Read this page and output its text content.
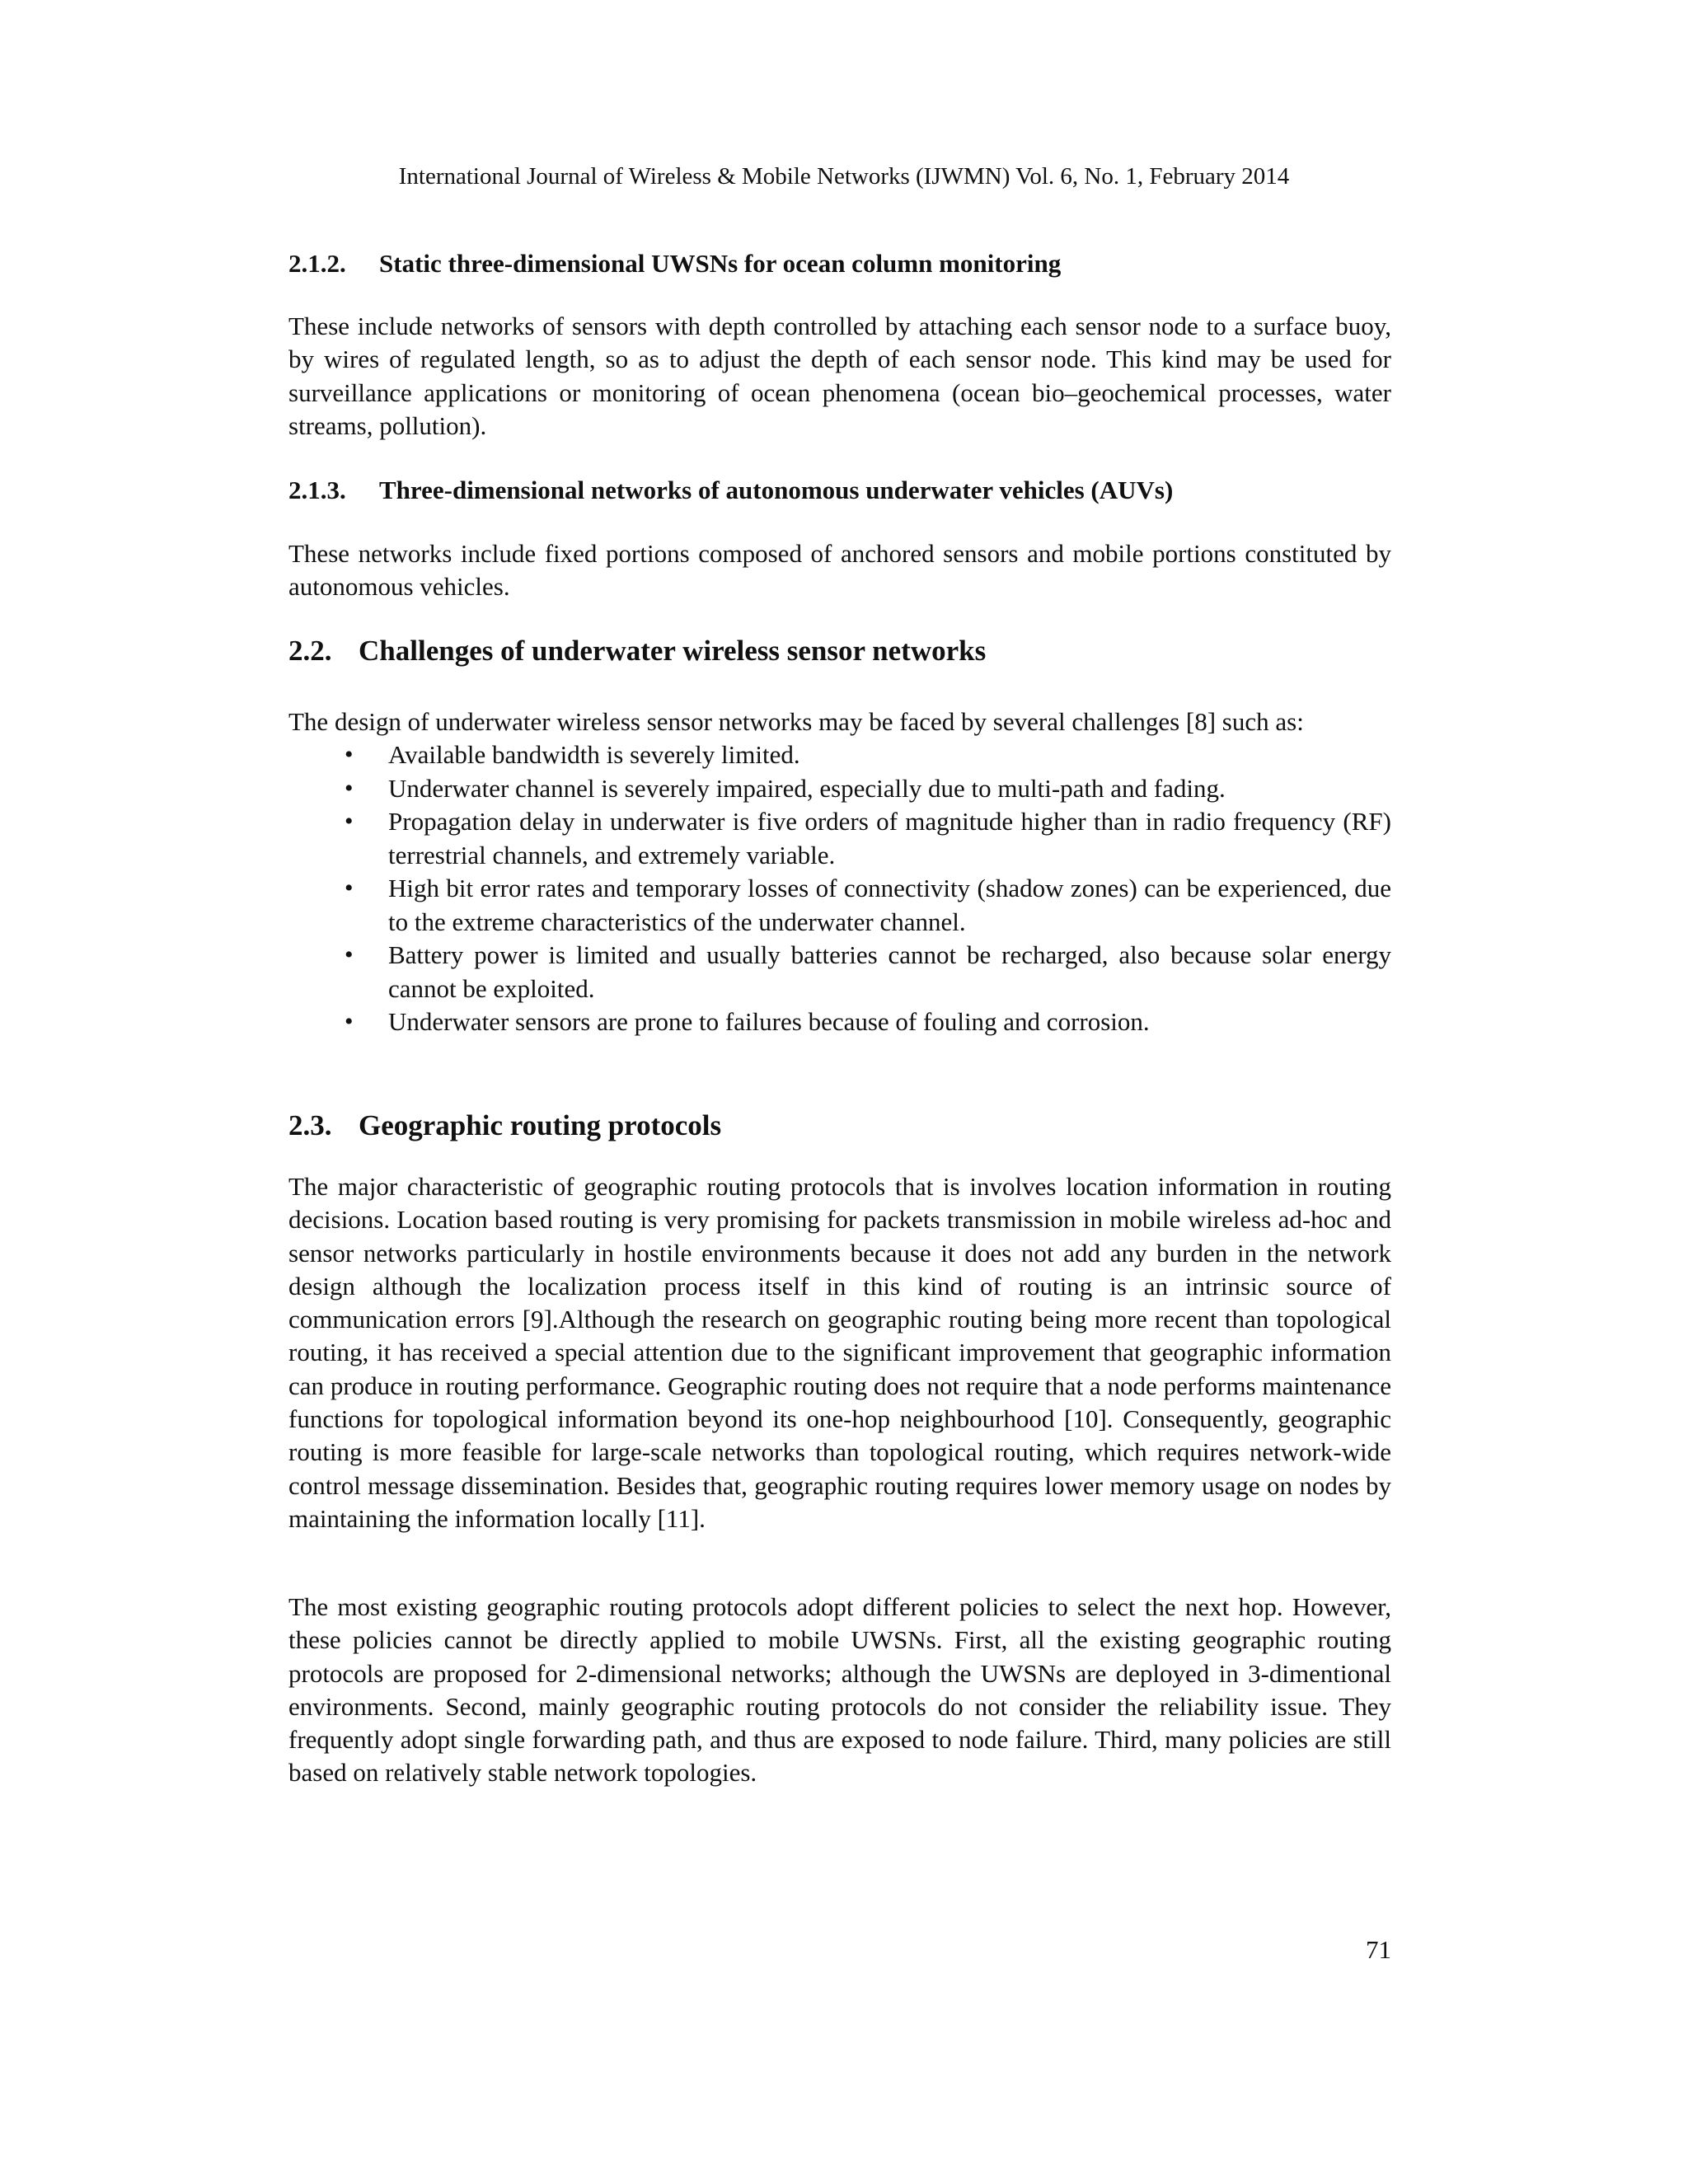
International Journal of Wireless & Mobile Networks (IJWMN) Vol. 6, No. 1, February 2014

2.1.2. Static three-dimensional UWSNs for ocean column monitoring

These include networks of sensors with depth controlled by attaching each sensor node to a surface buoy, by wires of regulated length, so as to adjust the depth of each sensor node. This kind may be used for surveillance applications or monitoring of ocean phenomena (ocean bio–geochemical processes, water streams, pollution).

2.1.3. Three-dimensional networks of autonomous underwater vehicles (AUVs)

These networks include fixed portions composed of anchored sensors and mobile portions constituted by autonomous vehicles.

2.2. Challenges of underwater wireless sensor networks

The design of underwater wireless sensor networks may be faced by several challenges [8] such as:

• Available bandwidth is severely limited.
• Underwater channel is severely impaired, especially due to multi-path and fading.
• Propagation delay in underwater is five orders of magnitude higher than in radio frequency (RF) terrestrial channels, and extremely variable.
• High bit error rates and temporary losses of connectivity (shadow zones) can be experienced, due to the extreme characteristics of the underwater channel.
• Battery power is limited and usually batteries cannot be recharged, also because solar energy cannot be exploited.
• Underwater sensors are prone to failures because of fouling and corrosion.

2.3. Geographic routing protocols

The major characteristic of geographic routing protocols that is involves location information in routing decisions. Location based routing is very promising for packets transmission in mobile wireless ad-hoc and sensor networks particularly in hostile environments because it does not add any burden in the network design although the localization process itself in this kind of routing is an intrinsic source of communication errors [9].Although the research on geographic routing being more recent than topological routing, it has received a special attention due to the significant improvement that geographic information can produce in routing performance. Geographic routing does not require that a node performs maintenance functions for topological information beyond its one-hop neighbourhood [10]. Consequently, geographic routing is more feasible for large-scale networks than topological routing, which requires network-wide control message dissemination. Besides that, geographic routing requires lower memory usage on nodes by maintaining the information locally [11].

The most existing geographic routing protocols adopt different policies to select the next hop. However, these policies cannot be directly applied to mobile UWSNs. First, all the existing geographic routing protocols are proposed for 2-dimensional networks; although the UWSNs are deployed in 3-dimentional environments. Second, mainly geographic routing protocols do not consider the reliability issue. They frequently adopt single forwarding path, and thus are exposed to node failure. Third, many policies are still based on relatively stable network topologies.

71
